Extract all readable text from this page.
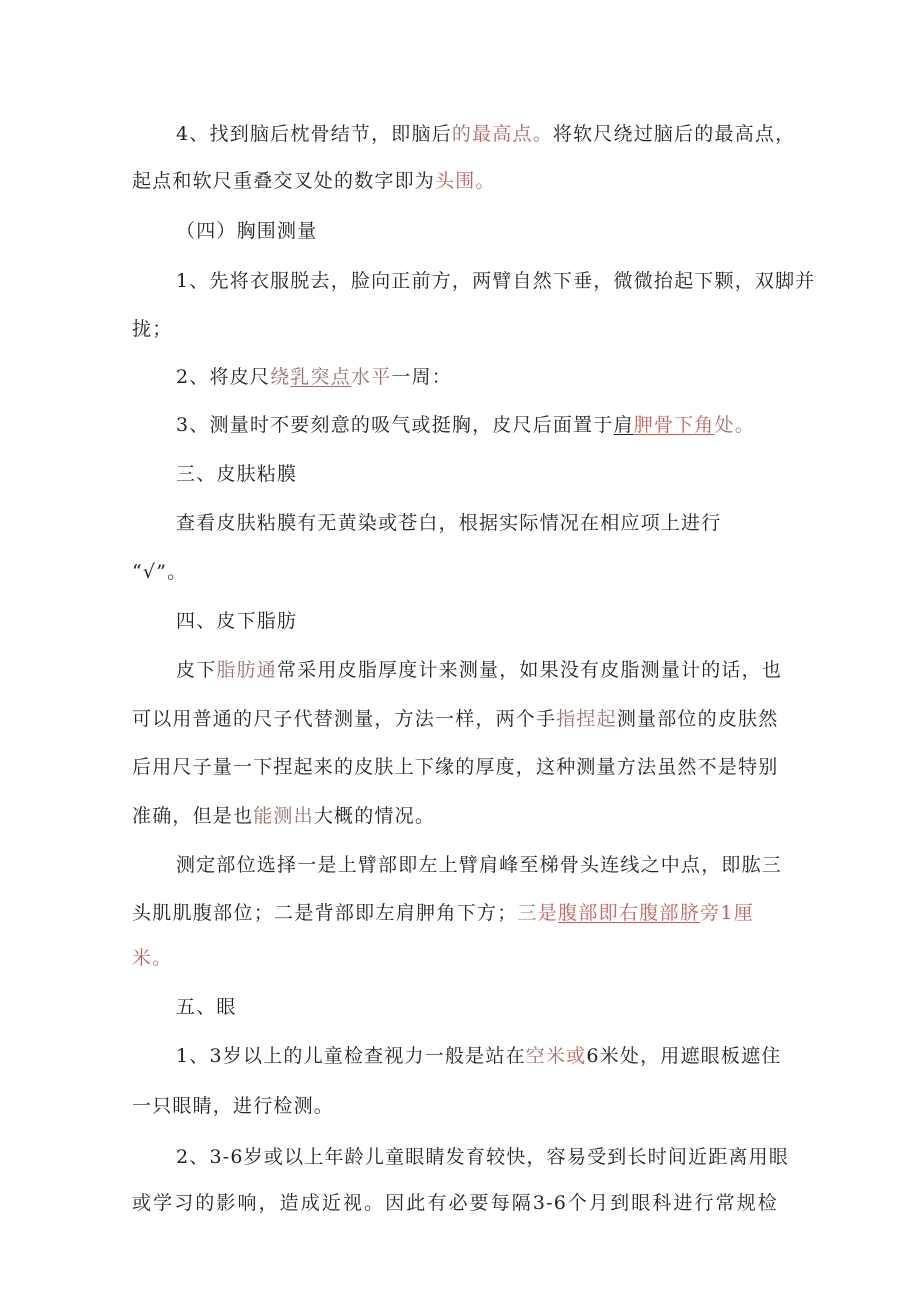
4、找到脑后枕骨结节，即脑后的最高点。将软尺绕过脑后的最高点，
起点和软尺重叠交叉处的数字即为头围。
（四）胸围测量
1、先将衣服脱去，脸向正前方，两臂自然下垂，微微抬起下颗，双脚并
拢；
2、将皮尺绕乳突点水平一周：
3、测量时不要刻意的吸气或挺胸，皮尺后面置于肩胛骨下角处。
三、皮肤粘膜
查看皮肤粘膜有无黄染或苍白，根据实际情况在相应项上进行
“√”。
四、皮下脂肪
皮下脂肪通常采用皮脂厚度计来测量，如果没有皮脂测量计的话，也
可以用普通的尺子代替测量，方法一样，两个手指捏起测量部位的皮肤然
后用尺子量一下捏起来的皮肤上下缘的厚度，这种测量方法虽然不是特别
准确，但是也能测出大概的情况。
测定部位选择一是上臂部即左上臂肩峰至梯骨头连线之中点，即肱三
头肌肌腹部位；二是背部即左肩胛角下方；三是腹部即右腹部脐旁1厘
米。
五、眼
1、3岁以上的儿童检查视力一般是站在空米或6米处，用遮眼板遮住
一只眼睛，进行检测。
2、3-6岁或以上年龄儿童眼睛发育较快，容易受到长时间近距离用眼
或学习的影响，造成近视。因此有必要每隔3-6个月到眼科进行常规检
